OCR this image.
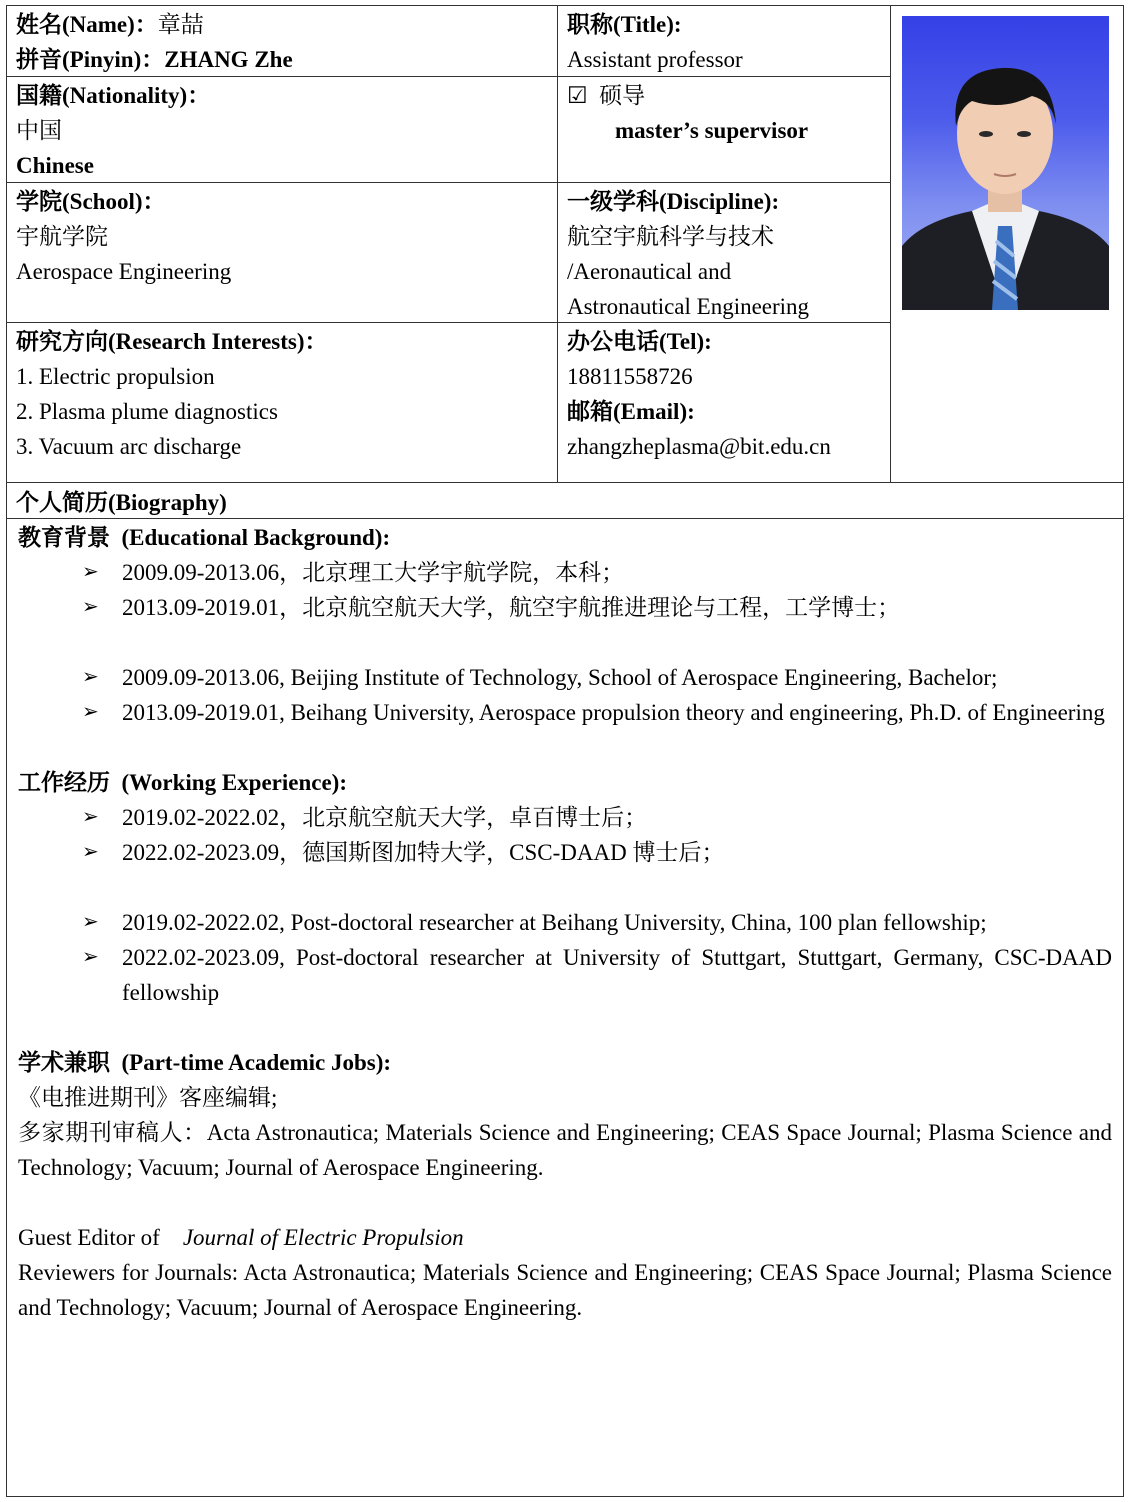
姓名(Name)：章喆
拼音(Pinyin)：ZHANG Zhe
职称(Title):
Assistant professor
国籍(Nationality)：
中国
Chinese
☑ 硕导
master’s supervisor
学院(School)：
宇航学院
Aerospace Engineering
一级学科(Discipline):
航空宇航科学与技术
/Aeronautical and
Astronautical Engineering
研究方向(Research Interests)：
1. Electric propulsion
2. Plasma plume diagnostics
3. Vacuum arc discharge
办公电话(Tel):
18811558726
邮箱(Email):
zhangzheplasma@bit.edu.cn
个人简历(Biography)
教育背景 (Educational Background):
➢ 2009.09-2013.06，北京理工大学宇航学院，本科；
➢ 2013.09-2019.01，北京航空航天大学，航空宇航推进理论与工程，工学博士；
➢ 2009.09-2013.06, Beijing Institute of Technology, School of Aerospace Engineering, Bachelor;
➢ 2013.09-2019.01, Beihang University, Aerospace propulsion theory and engineering, Ph.D. of Engineering
工作经历 (Working Experience):
➢ 2019.02-2022.02，北京航空航天大学，卓百博士后；
➢ 2022.02-2023.09，德国斯图加特大学，CSC-DAAD 博士后；
➢ 2019.02-2022.02, Post-doctoral researcher at Beihang University, China, 100 plan fellowship;
➢ 2022.02-2023.09, Post-doctoral researcher at University of Stuttgart, Stuttgart, Germany, CSC-DAAD fellowship
学术兼职 (Part-time Academic Jobs):
《电推进期刊》客座编辑;
多家期刊审稿人：Acta Astronautica; Materials Science and Engineering; CEAS Space Journal; Plasma Science and Technology; Vacuum; Journal of Aerospace Engineering.
Guest Editor of Journal of Electric Propulsion
Reviewers for Journals: Acta Astronautica; Materials Science and Engineering; CEAS Space Journal; Plasma Science and Technology; Vacuum; Journal of Aerospace Engineering.
